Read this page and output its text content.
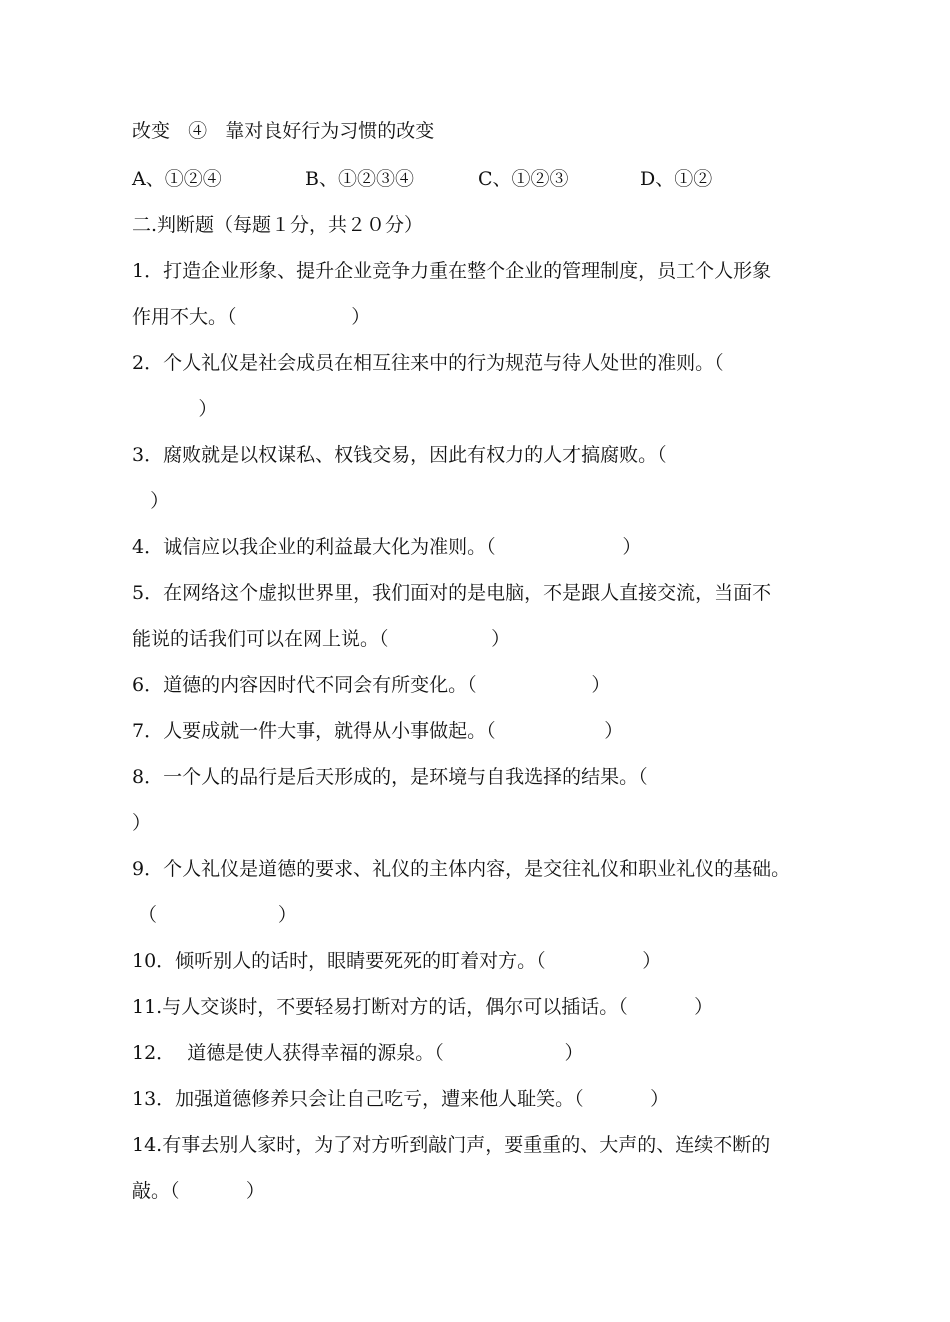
改变   ④   靠对良好行为习惯的改变
A、①②④	B、①②③④	C、①②③	D、①②
二.判断题（每题１分，共２０分）
1．打造企业形象、提升企业竞争力重在整个企业的管理制度，员工个人形象
作用不大。（                   ）
2．个人礼仪是社会成员在相互往来中的行为规范与待人处世的准则。（
）
3．腐败就是以权谋私、权钱交易，因此有权力的人才搞腐败。（
）
4．诚信应以我企业的利益最大化为准则。（                     ）
5．在网络这个虚拟世界里，我们面对的是电脑，不是跟人直接交流，当面不
能说的话我们可以在网上说。（                 ）
6．道德的内容因时代不同会有所变化。（                   ）
7．人要成就一件大事，就得从小事做起。（                  ）
8．一个人的品行是后天形成的，是环境与自我选择的结果。（
）
9．个人礼仪是道德的要求、礼仪的主体内容，是交往礼仪和职业礼仪的基础。
（                    ）
10．倾听别人的话时，眼睛要死死的盯着对方。（                ）
11.与人交谈时，不要轻易打断对方的话，偶尔可以插话。（           ）
12．  道德是使人获得幸福的源泉。（                    ）
13．加强道德修养只会让自己吃亏，遭来他人耻笑。（           ）
14.有事去别人家时，为了对方听到敲门声，要重重的、大声的、连续不断的
敲。（           ）
